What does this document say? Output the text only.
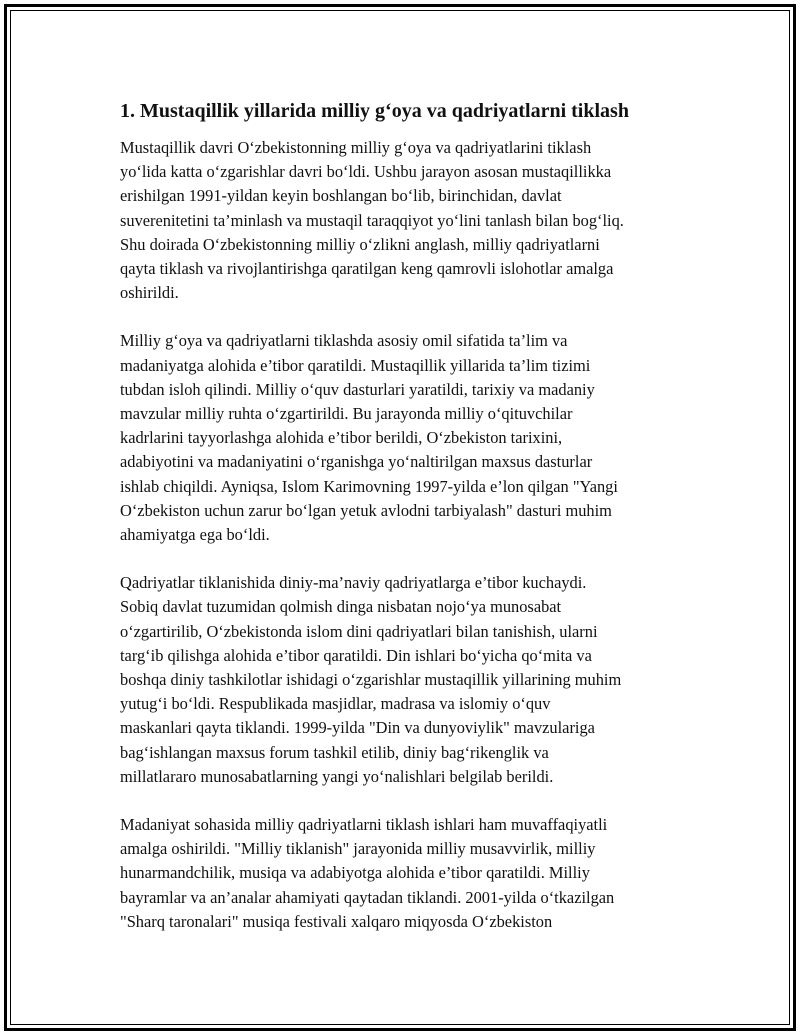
1. Mustaqillik yillarida milliy g‘oya va qadriyatlarni tiklash
Mustaqillik davri O‘zbekistonning milliy g‘oya va qadriyatlarini tiklash
yo‘lida katta o‘zgarishlar davri bo‘ldi. Ushbu jarayon asosan mustaqillikka
erishilgan 1991-yildan keyin boshlangan bo‘lib, birinchidan, davlat
suverenitetini ta’minlash va mustaqil taraqqiyot yo‘lini tanlash bilan bog‘liq.
Shu doirada O‘zbekistonning milliy o‘zlikni anglash, milliy qadriyatlarni
qayta tiklash va rivojlantirishga qaratilgan keng qamrovli islohotlar amalga
oshirildi.
Milliy g‘oya va qadriyatlarni tiklashda asosiy omil sifatida ta’lim va
madaniyatga alohida e’tibor qaratildi. Mustaqillik yillarida ta’lim tizimi
tubdan isloh qilindi. Milliy o‘quv dasturlari yaratildi, tarixiy va madaniy
mavzular milliy ruhta o‘zgartirildi. Bu jarayonda milliy o‘qituvchilar
kadrlarini tayyorlashga alohida e’tibor berildi, O‘zbekiston tarixini,
adabiyotini va madaniyatini o‘rganishga yo‘naltirilgan maxsus dasturlar
ishlab chiqildi. Ayniqsa, Islom Karimovning 1997-yilda e’lon qilgan "Yangi
O‘zbekiston uchun zarur bo‘lgan yetuk avlodni tarbiyalash" dasturi muhim
ahamiyatga ega bo‘ldi.
Qadriyatlar tiklanishida diniy-ma’naviy qadriyatlarga e’tibor kuchaydi.
Sobiq davlat tuzumidan qolmish dinga nisbatan nojo‘ya munosabat
o‘zgartirilib, O‘zbekistonda islom dini qadriyatlari bilan tanishish, ularni
targ‘ib qilishga alohida e’tibor qaratildi. Din ishlari bo‘yicha qo‘mita va
boshqa diniy tashkilotlar ishidagi o‘zgarishlar mustaqillik yillarining muhim
yutug‘i bo‘ldi. Respublikada masjidlar, madrasa va islomiy o‘quv
maskanlari qayta tiklandi. 1999-yilda "Din va dunyoviylik" mavzulariga
bag‘ishlangan maxsus forum tashkil etilib, diniy bag‘rikenglik va
millatlararo munosabatlarning yangi yo‘nalishlari belgilab berildi.
Madaniyat sohasida milliy qadriyatlarni tiklash ishlari ham muvaffaqiyatli
amalga oshirildi. "Milliy tiklanish" jarayonida milliy musavvirlik, milliy
hunarmandchilik, musiqa va adabiyotga alohida e’tibor qaratildi. Milliy
bayramlar va an’analar ahamiyati qaytadan tiklandi. 2001-yilda o‘tkazilgan
"Sharq taronalari" musiqa festivali xalqaro miqyosda O‘zbekiston
